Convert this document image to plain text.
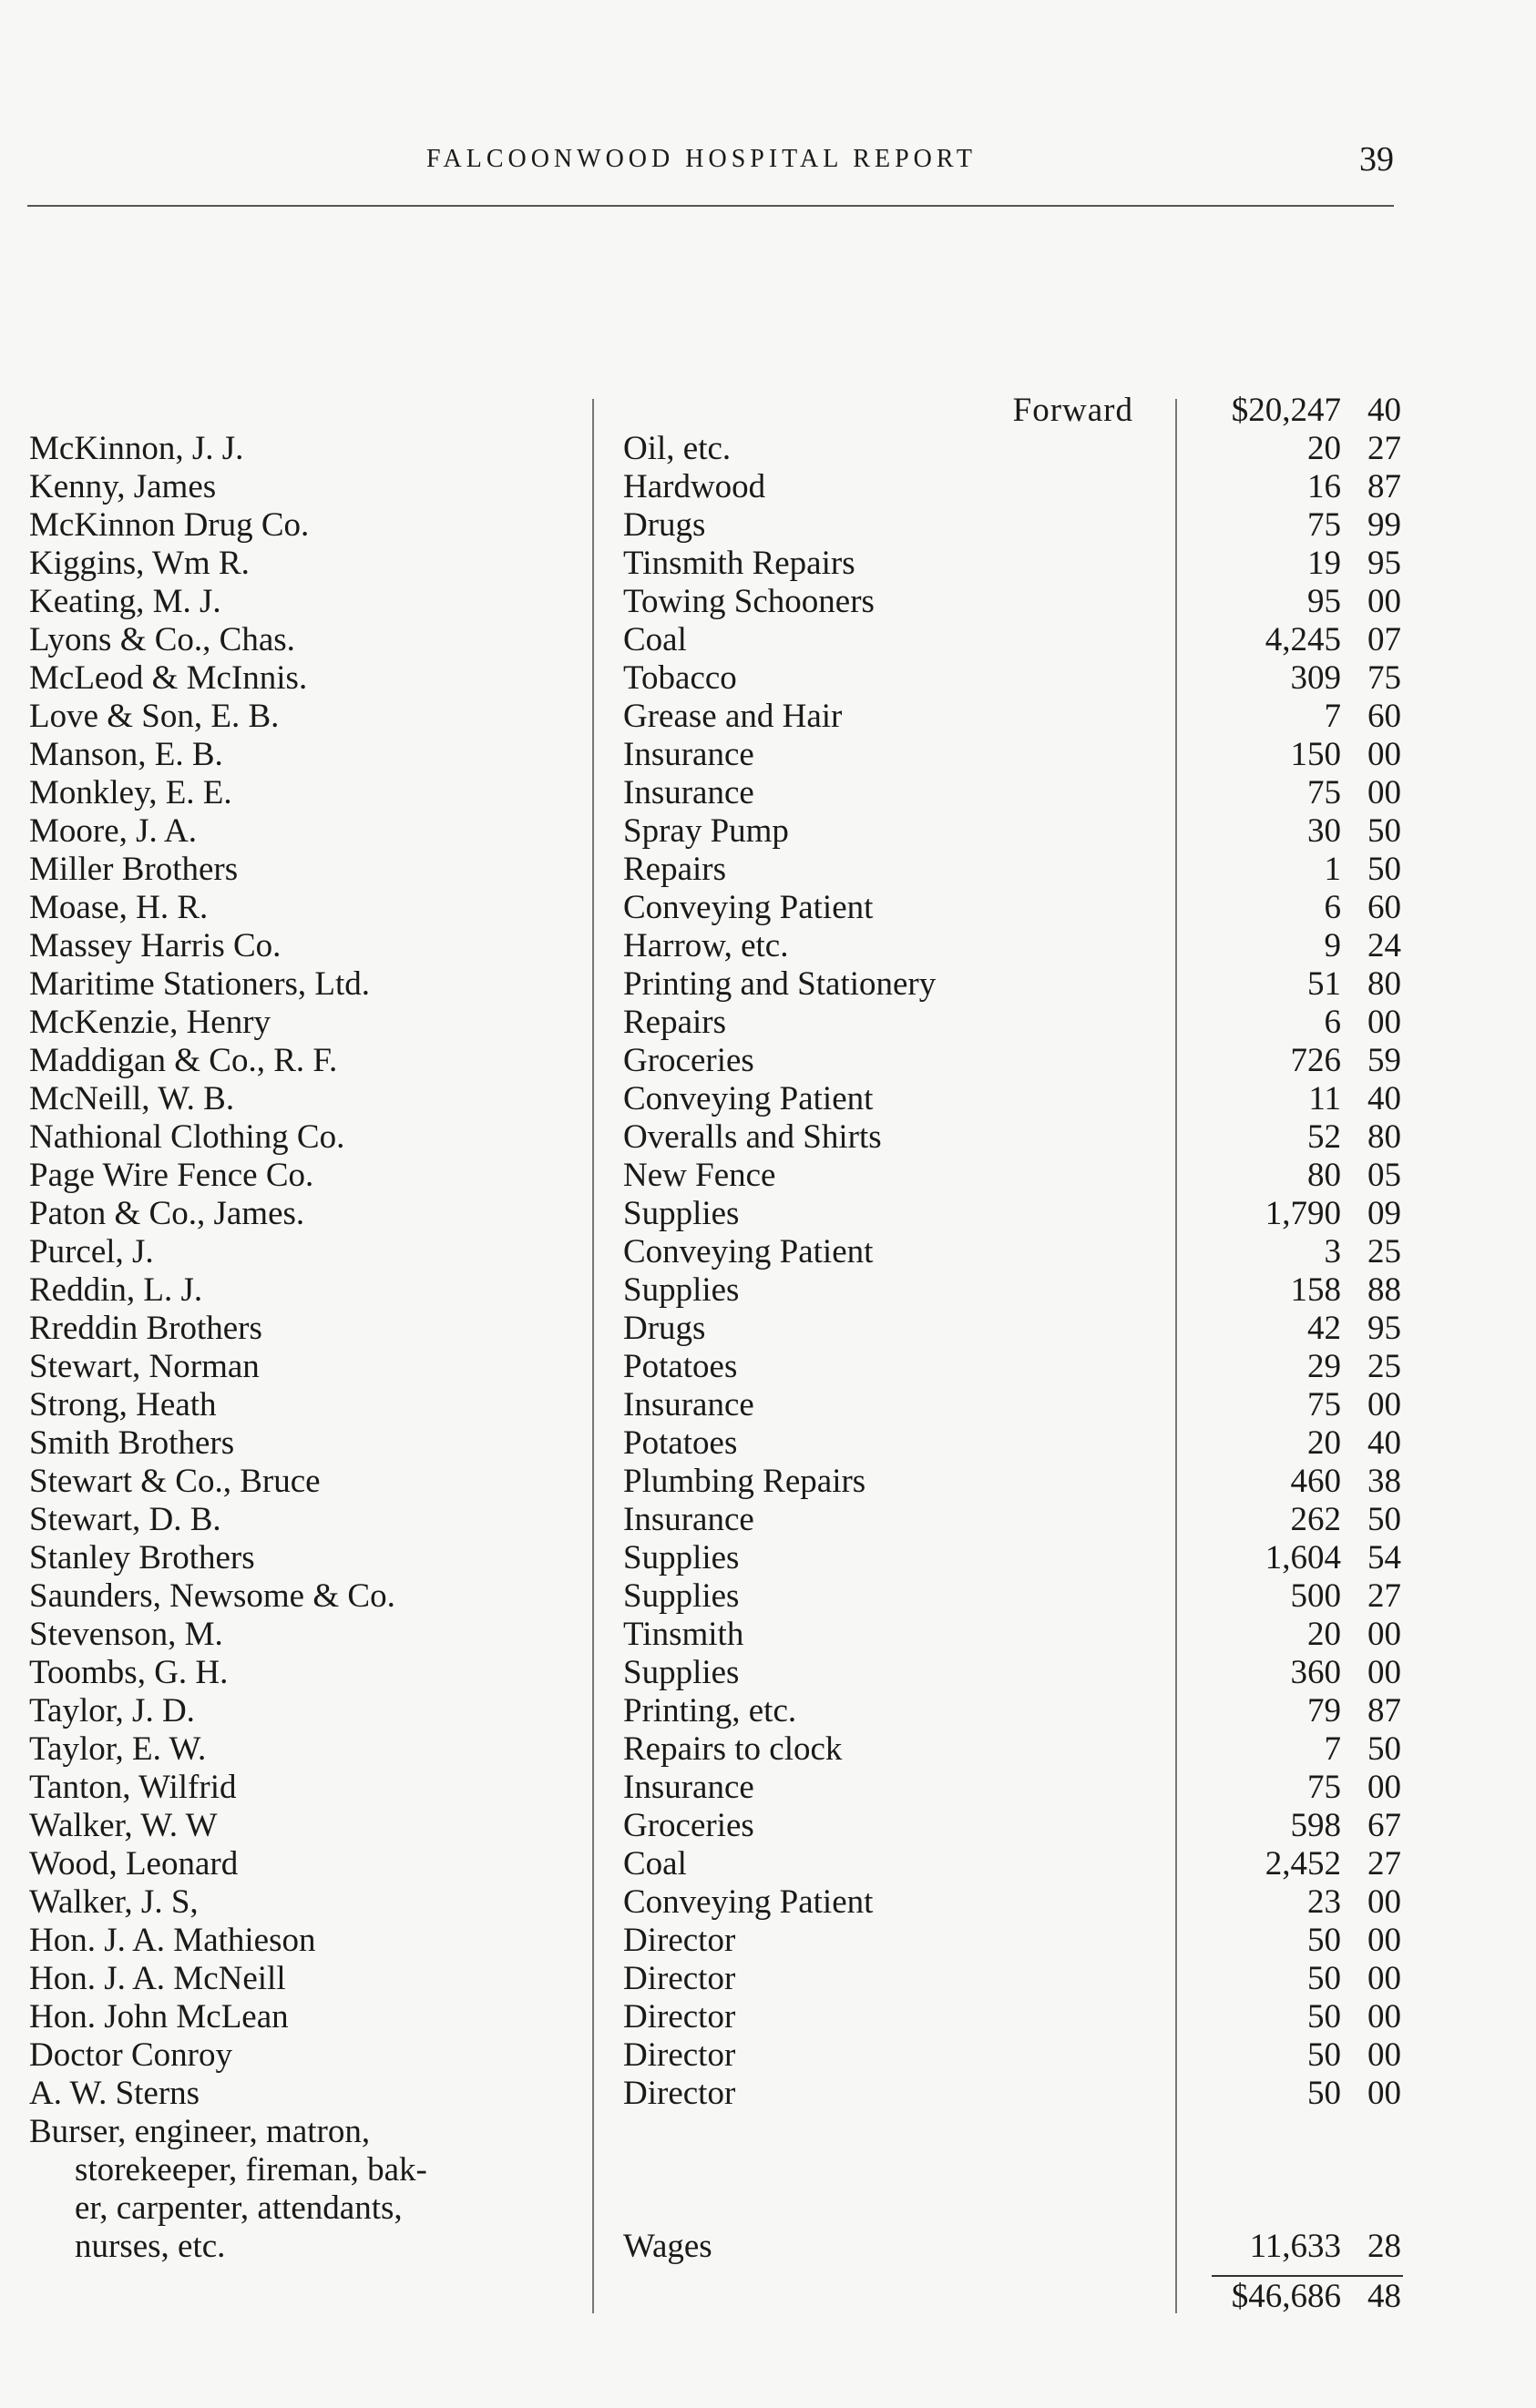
FALCOONWOOD HOSPITAL REPORT	39
Forward	$20,247 40
McKinnon, J. J.	Oil, etc.	20 27
Kenny, James	Hardwood	16 87
McKinnon Drug Co.	Drugs	75 99
Kiggins, Wm R.	Tinsmith Repairs	19 95
Keating, M. J.	Towing Schooners	95 00
Lyons & Co., Chas.	Coal	4,245 07
McLeod & McInnis.	Tobacco	309 75
Love & Son, E. B.	Grease and Hair	7 60
Manson, E. B.	Insurance	150 00
Monkley, E. E.	Insurance	75 00
Moore, J. A.	Spray Pump	30 50
Miller Brothers	Repairs	1 50
Moase, H. R.	Conveying Patient	6 60
Massey Harris Co.	Harrow, etc.	9 24
Maritime Stationers, Ltd.	Printing and Stationery	51 80
McKenzie, Henry	Repairs	6 00
Maddigan & Co., R. F.	Groceries	726 59
McNeill, W. B.	Conveying Patient	11 40
Nathional Clothing Co.	Overalls and Shirts	52 80
Page Wire Fence Co.	New Fence	80 05
Paton & Co., James.	Supplies	1,790 09
Purcel, J.	Conveying Patient	3 25
Reddin, L. J.	Supplies	158 88
Rreddin Brothers	Drugs	42 95
Stewart, Norman	Potatoes	29 25
Strong, Heath	Insurance	75 00
Smith Brothers	Potatoes	20 40
Stewart & Co., Bruce	Plumbing Repairs	460 38
Stewart, D. B.	Insurance	262 50
Stanley Brothers	Supplies	1,604 54
Saunders, Newsome & Co.	Supplies	500 27
Stevenson, M.	Tinsmith	20 00
Toombs, G. H.	Supplies	360 00
Taylor, J. D.	Printing, etc.	79 87
Taylor, E. W.	Repairs to clock	7 50
Tanton, Wilfrid	Insurance	75 00
Walker, W. W	Groceries	598 67
Wood, Leonard	Coal	2,452 27
Walker, J. S,	Conveying Patient	23 00
Hon. J. A. Mathieson	Director	50 00
Hon. J. A. McNeill	Director	50 00
Hon. John McLean	Director	50 00
Doctor Conroy	Director	50 00
A. W. Sterns	Director	50 00
Burser, engineer, matron,
storekeeper, fireman, bak-
er, carpenter, attendants,
nurses, etc.	Wages	11,633 28
$46,686 48
